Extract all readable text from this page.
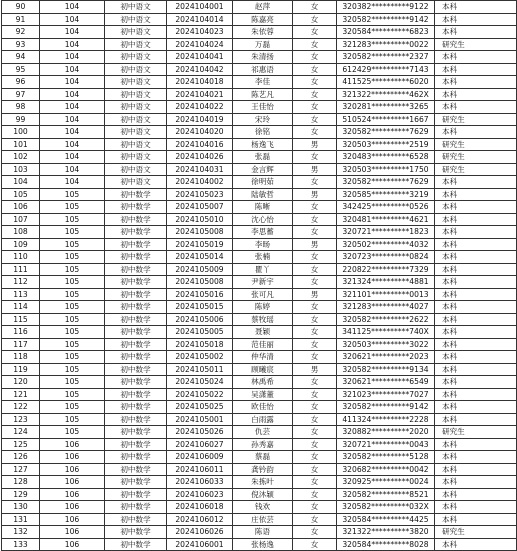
90	104	初中语文	2024104001	赵萍	女	320382**********9122	本科
91	104	初中语文	2024104014	陈嘉亮	女	320582**********9142	本科
92	104	初中语文	2024104023	朱依蓉	女	320584**********6823	本科
93	104	初中语文	2024104024	万磊	女	321283**********0022	研究生
94	104	初中语文	2024104041	朱清扬	女	320582**********2327	本科
95	104	初中语文	2024104042	祁惠语	女	612429**********7143	本科
96	104	初中语文	2024104018	李佳	女	411525**********6020	本科
97	104	初中语文	2024104021	陈艺凡	女	321322**********462X	本科
98	104	初中语文	2024104022	王佳怡	女	320281**********3265	本科
99	104	初中语文	2024104019	宋玲	女	510524**********1667	研究生
100	104	初中语文	2024104020	徐铭	女	320582**********7629	本科
101	104	初中语文	2024104016	杨逸飞	男	320503**********2519	研究生
102	104	初中语文	2024104026	张磊	女	320483**********6528	研究生
103	104	初中语文	2024104031	金言辉	男	320503**********1750	研究生
104	104	初中语文	2024104002	徐明茹	女	320582**********7629	本科
105	105	初中数学	2024105023	陆敏哲	男	320585**********3219	本科
106	105	初中数学	2024105007	陈晰	女	342425**********0526	本科
107	105	初中数学	2024105010	沈心怡	女	320481**********4621	本科
108	105	初中数学	2024105008	李思蓄	女	320721**********1823	本科
109	105	初中数学	2024105019	李旸	男	320502**********4032	本科
110	105	初中数学	2024105014	张楠	女	320723**********0824	本科
111	105	初中数学	2024105009	瞿丫	女	220822**********7329	本科
112	105	初中数学	2024105008	尹新宇	女	321324**********4881	本科
113	105	初中数学	2024105016	张可凡	男	321101**********0013	本科
114	105	初中数学	2024105015	陈婷	女	321283**********4027	本科
115	105	初中数学	2024105006	蔡牧瑶	女	320582**********2622	本科
116	105	初中数学	2024105005	聂颖	女	341125**********740X	本科
117	105	初中数学	2024105018	范佳丽	女	320503**********3022	本科
118	105	初中数学	2024105002	仲华清	女	320621**********2023	本科
119	105	初中数学	2024105011	顾曦宸	男	320582**********9134	本科
120	105	初中数学	2024105024	林禹希	女	320621**********6549	本科
121	105	初中数学	2024105022	吴潇董	女	321023**********7027	本科
122	105	初中数学	2024105025	欧佳怡	女	320582**********9142	本科
123	105	初中数学	2024105001	白雨露	女	411324**********2228	本科
124	105	初中数学	2024105026	仇芸	女	320882**********2020	研究生
125	106	初中数学	2024106027	孙秀嘉	女	320721**********0043	本科
126	106	初中数学	2024106009	蔡磊	女	320582**********5128	本科
127	106	初中数学	2024106011	龚钤韵	女	320682**********0042	本科
128	106	初中数学	2024106033	朱拣叶	女	320925**********0024	本科
129	106	初中数学	2024106023	倪沐颖	女	320582**********8521	本科
130	106	初中数学	2024106018	钱欢	女	320582**********032X	本科
131	106	初中数学	2024106012	庄依芸	女	320584**********4425	本科
132	106	初中数学	2024106026	陈语	女	321322**********3820	研究生
133	106	初中数学	2024106001	张杨逸	女	320584**********8028	本科
